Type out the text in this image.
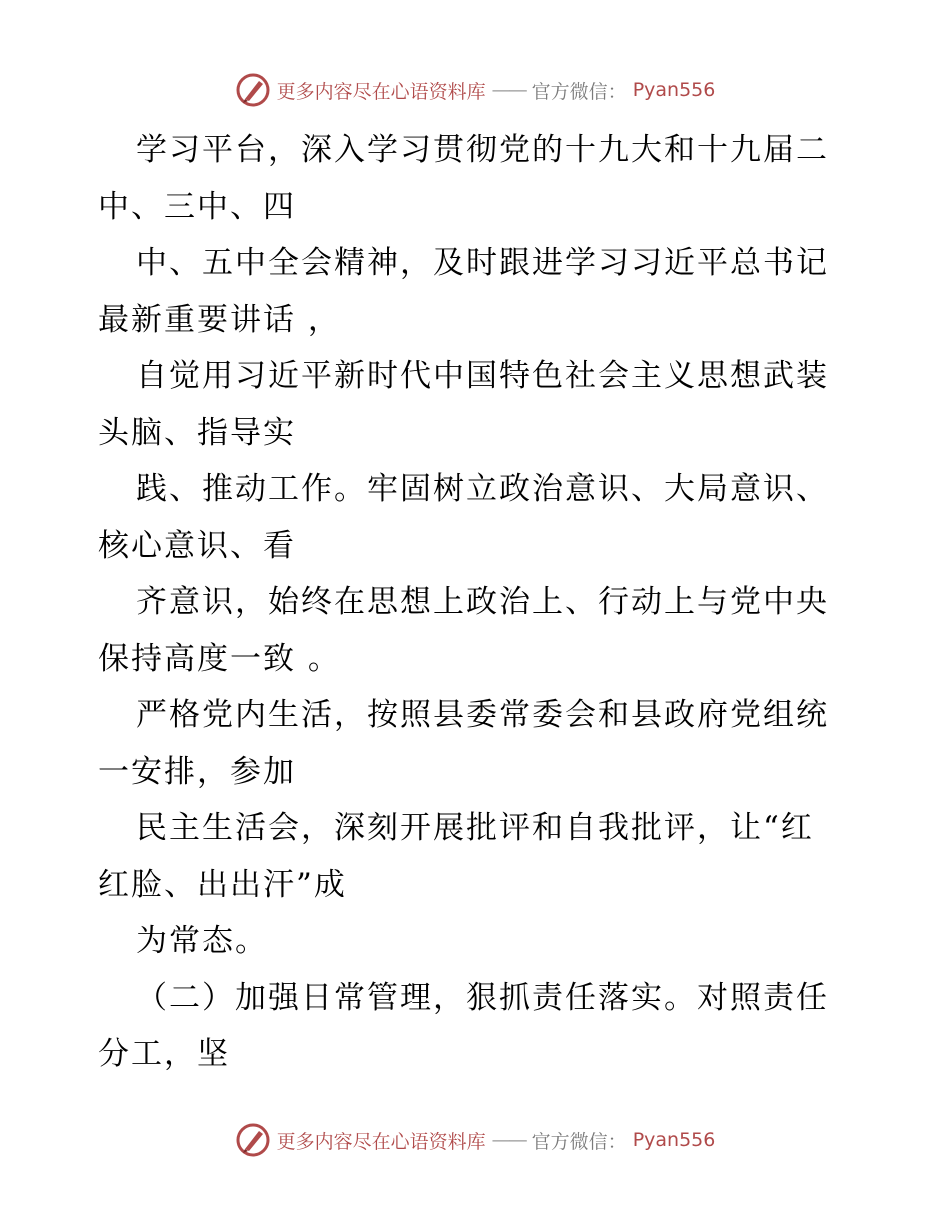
更多内容尽在心语资料库 —— 官方微信： Pyan556
学习平台，深入学习贯彻党的十九大和十九届二
中、三中、四
中、五中全会精神，及时跟进学习习近平总书记
最新重要讲话 ，
自觉用习近平新时代中国特色社会主义思想武装
头脑、指导实
践、推动工作。牢固树立政治意识、大局意识、
核心意识、看
齐意识，始终在思想上政治上、行动上与党中央
保持高度一致 。
严格党内生活，按照县委常委会和县政府党组统
一安排，参加
民主生活会，深刻开展批评和自我批评，让“红
红脸、出出汗”成
为常态。
（二）加强日常管理，狠抓责任落实。对照责任
分工，坚
更多内容尽在心语资料库 —— 官方微信： Pyan556
